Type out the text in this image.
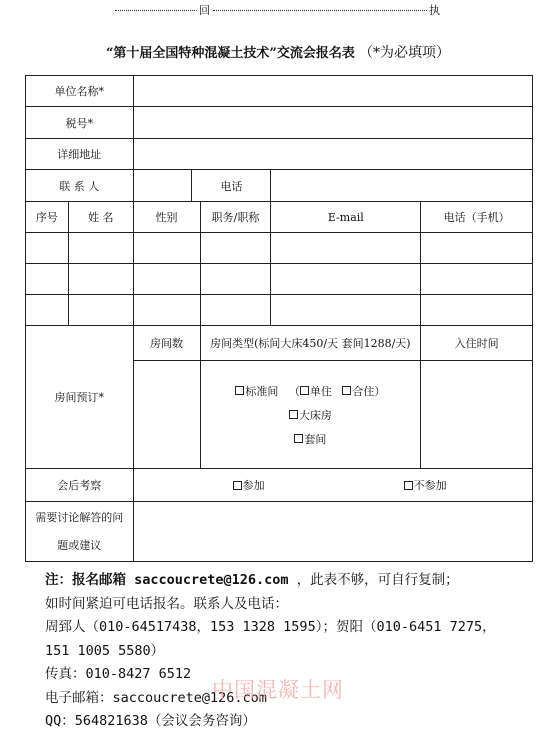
回	执
“第十届全国特种混凝土技术”交流会报名表 （*为必填项）
单位名称*					
税号*					
详细地址					
联 系 人		电话			

序号	姓 名	性别	职务/职称	E-mail	电话（手机）

房间预订*		房间数	房间类型(标间大床450/天 套间1288/天)		入住时间

			标准间   （ 单住 合住）
大床房
套间		

会后考察		参加 不参加			

需要讨论解答的问
题或建议					

注：报名邮箱 saccoucrete@126.com ，此表不够，可自行复制；
如时间紧迫可电话报名。联系人及电话：
周郅人（010-64517438，153 1328 1595）；贺阳（010-6451 7275，
151 1005 5580）
传真：010-8427 6512
电子邮箱：saccoucrete@126.com
QQ：564821638（会议会务咨询）
中国混凝土网
